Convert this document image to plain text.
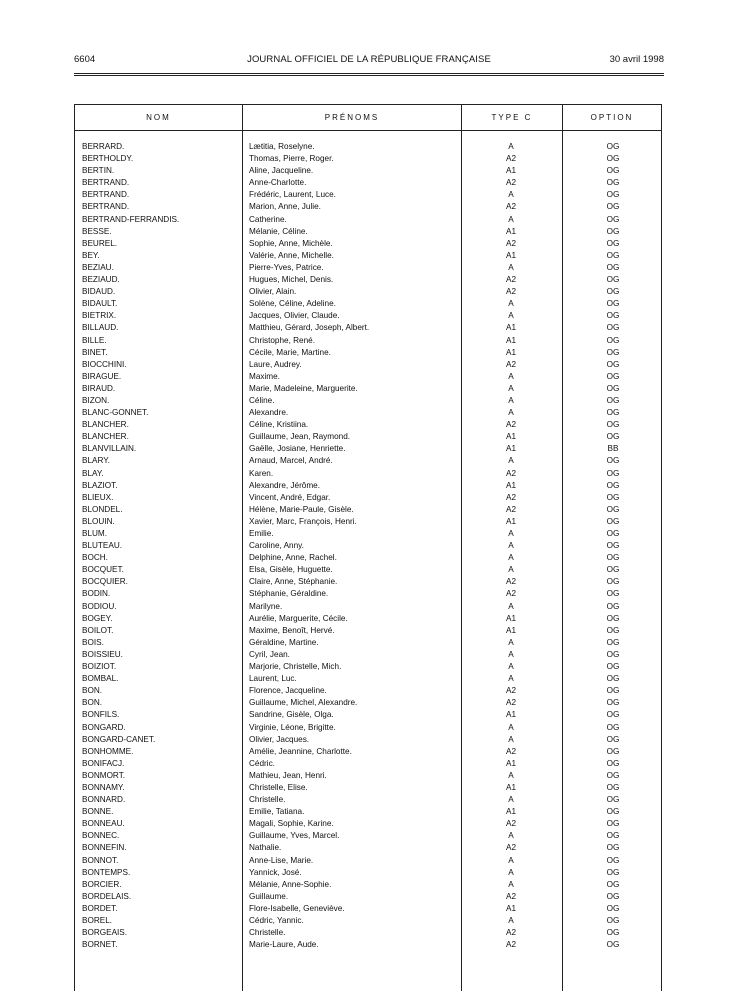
6604	JOURNAL OFFICIEL DE LA RÉPUBLIQUE FRANÇAISE	30 avril 1998
NOM	PRÉNOMS	TYPE C	OPTION
BERRARD.	Lætitia, Roselyne.	A	OG
BERTHOLDY.	Thomas, Pierre, Roger.	A2	OG
BERTIN.	Aline, Jacqueline.	A1	OG
BERTRAND.	Anne-Charlotte.	A2	OG
BERTRAND.	Frédéric, Laurent, Luce.	A	OG
BERTRAND.	Marion, Anne, Julie.	A2	OG
BERTRAND-FERRANDIS.	Catherine.	A	OG
BESSE.	Mélanie, Céline.	A1	OG
BEUREL.	Sophie, Anne, Michèle.	A2	OG
BEY.	Valérie, Anne, Michelle.	A1	OG
BEZIAU.	Pierre-Yves, Patrice.	A	OG
BEZIAUD.	Hugues, Michel, Denis.	A2	OG
BIDAUD.	Olivier, Alain.	A2	OG
BIDAULT.	Solène, Céline, Adeline.	A	OG
BIETRIX.	Jacques, Olivier, Claude.	A	OG
BILLAUD.	Matthieu, Gérard, Joseph, Albert.	A1	OG
BILLE.	Christophe, René.	A1	OG
BINET.	Cécile, Marie, Martine.	A1	OG
BIOCCHINI.	Laure, Audrey.	A2	OG
BIRAGUE.	Maxime.	A	OG
BIRAUD.	Marie, Madeleine, Marguerite.	A	OG
BIZON.	Céline.	A	OG
BLANC-GONNET.	Alexandre.	A	OG
BLANCHER.	Céline, Kristiina.	A2	OG
BLANCHER.	Guillaume, Jean, Raymond.	A1	OG
BLANVILLAIN.	Gaëlle, Josiane, Henriette.	A1	BB
BLARY.	Arnaud, Marcel, André.	A	OG
BLAY.	Karen.	A2	OG
BLAZIOT.	Alexandre, Jérôme.	A1	OG
BLIEUX.	Vincent, André, Edgar.	A2	OG
BLONDEL.	Hélène, Marie-Paule, Gisèle.	A2	OG
BLOUIN.	Xavier, Marc, François, Henri.	A1	OG
BLUM.	Emilie.	A	OG
BLUTEAU.	Caroline, Anny.	A	OG
BOCH.	Delphine, Anne, Rachel.	A	OG
BOCQUET.	Elsa, Gisèle, Huguette.	A	OG
BOCQUIER.	Claire, Anne, Stéphanie.	A2	OG
BODIN.	Stéphanie, Géraldine.	A2	OG
BODIOU.	Marilyne.	A	OG
BOGEY.	Aurélie, Marguerite, Cécile.	A1	OG
BOILOT.	Maxime, Benoît, Hervé.	A1	OG
BOIS.	Géraldine, Martine.	A	OG
BOISSIEU.	Cyril, Jean.	A	OG
BOIZIOT.	Marjorie, Christelle, Mich.	A	OG
BOMBAL.	Laurent, Luc.	A	OG
BON.	Florence, Jacqueline.	A2	OG
BON.	Guillaume, Michel, Alexandre.	A2	OG
BONFILS.	Sandrine, Gisèle, Olga.	A1	OG
BONGARD.	Virginie, Léone, Brigitte.	A	OG
BONGARD-CANET.	Olivier, Jacques.	A	OG
BONHOMME.	Amélie, Jeannine, Charlotte.	A2	OG
BONIFACJ.	Cédric.	A1	OG
BONMORT.	Mathieu, Jean, Henri.	A	OG
BONNAMY.	Christelle, Elise.	A1	OG
BONNARD.	Christelle.	A	OG
BONNE.	Emilie, Tatiana.	A1	OG
BONNEAU.	Magali, Sophie, Karine.	A2	OG
BONNEC.	Guillaume, Yves, Marcel.	A	OG
BONNEFIN.	Nathalie.	A2	OG
BONNOT.	Anne-Lise, Marie.	A	OG
BONTEMPS.	Yannick, José.	A	OG
BORCIER.	Mélanie, Anne-Sophie.	A	OG
BORDELAIS.	Guillaume.	A2	OG
BORDET.	Flore-Isabelle, Geneviève.	A1	OG
BOREL.	Cédric, Yannic.	A	OG
BORGEAIS.	Christelle.	A2	OG
BORNET.	Marie-Laure, Aude.	A2	OG
